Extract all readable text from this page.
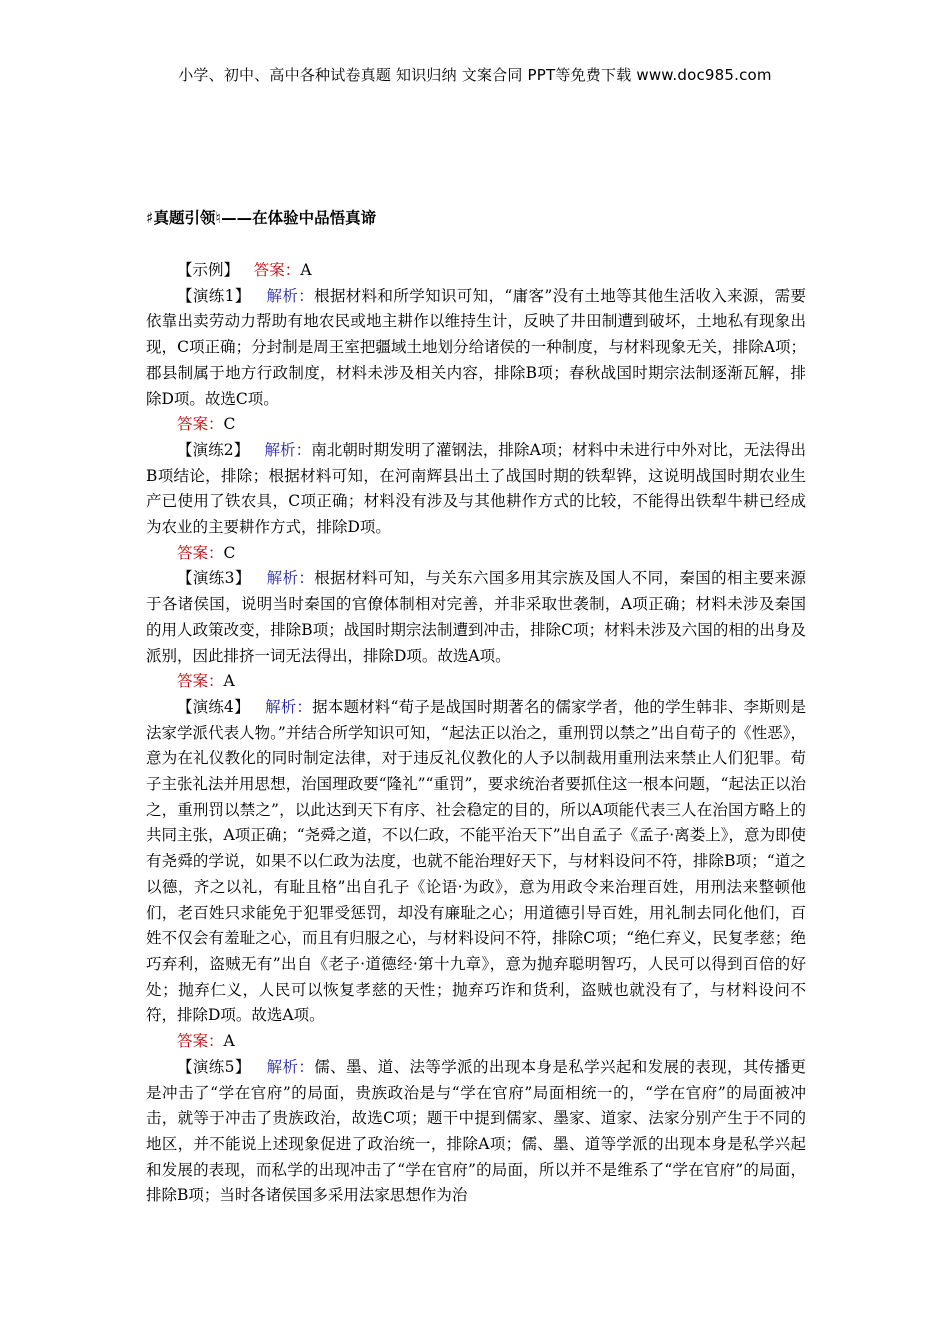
小学、初中、高中各种试卷真题 知识归纳 文案合同 PPT等免费下载 www.doc985.com
♯真题引领♮——在体验中品悟真谛

【示例】 答案：A

【演练1】 解析：根据材料和所学知识可知，“庸客”没有土地等其他生活收入来源，需要依靠出卖劳动力帮助有地农民或地主耕作以维持生计，反映了井田制遭到破坏，土地私有现象出现，C项正确；分封制是周王室把疆域土地划分给诸侯的一种制度，与材料现象无关，排除A项；郡县制属于地方行政制度，材料未涉及相关内容，排除B项；春秋战国时期宗法制逐渐瓦解，排除D项。故选C项。

答案：C

【演练2】 解析：南北朝时期发明了灌钢法，排除A项；材料中未进行中外对比，无法得出B项结论，排除；根据材料可知，在河南辉县出土了战国时期的铁犁铧，这说明战国时期农业生产已使用了铁农具，C项正确；材料没有涉及与其他耕作方式的比较，不能得出铁犁牛耕已经成为农业的主要耕作方式，排除D项。

答案：C

【演练3】 解析：根据材料可知，与关东六国多用其宗族及国人不同，秦国的相主要来源于各诸侯国，说明当时秦国的官僚体制相对完善，并非采取世袭制，A项正确；材料未涉及秦国的用人政策改变，排除B项；战国时期宗法制遭到冲击，排除C项；材料未涉及六国的相的出身及派别，因此排挤一词无法得出，排除D项。故选A项。

答案：A

【演练4】 解析：据本题材料“荀子是战国时期著名的儒家学者，他的学生韩非、李斯则是法家学派代表人物。”并结合所学知识可知，“起法正以治之，重刑罚以禁之”出自荀子的《性恶》，意为在礼仪教化的同时制定法律，对于违反礼仪教化的人予以制裁用重刑法来禁止人们犯罪。荀子主张礼法并用思想，治国理政要“隆礼”“重罚”，要求统治者要抓住这一根本问题，“起法正以治之，重刑罚以禁之”，以此达到天下有序、社会稳定的目的，所以A项能代表三人在治国方略上的共同主张，A项正确；“尧舜之道，不以仁政，不能平治天下”出自孟子《孟子·离娄上》，意为即使有尧舜的学说，如果不以仁政为法度，也就不能治理好天下，与材料设问不符，排除B项；“道之以德，齐之以礼，有耻且格”出自孔子《论语·为政》，意为用政令来治理百姓，用刑法来整顿他们，老百姓只求能免于犯罪受惩罚，却没有廉耻之心；用道德引导百姓，用礼制去同化他们，百姓不仅会有羞耻之心，而且有归服之心，与材料设问不符，排除C项；“绝仁弃义，民复孝慈；绝巧弃利，盗贼无有”出自《老子·道德经·第十九章》，意为抛弃聪明智巧，人民可以得到百倍的好处；抛弃仁义，人民可以恢复孝慈的天性；抛弃巧诈和货利，盗贼也就没有了，与材料设问不符，排除D项。故选A项。

答案：A

【演练5】 解析：儒、墨、道、法等学派的出现本身是私学兴起和发展的表现，其传播更是冲击了“学在官府”的局面，贵族政治是与“学在官府”局面相统一的，“学在官府”的局面被冲击，就等于冲击了贵族政治，故选C项；题干中提到儒家、墨家、道家、法家分别产生于不同的地区，并不能说上述现象促进了政治统一，排除A项；儒、墨、道等学派的出现本身是私学兴起和发展的表现，而私学的出现冲击了“学在官府”的局面，所以并不是维系了“学在官府”的局面，排除B项；当时各诸侯国多采用法家思想作为治
